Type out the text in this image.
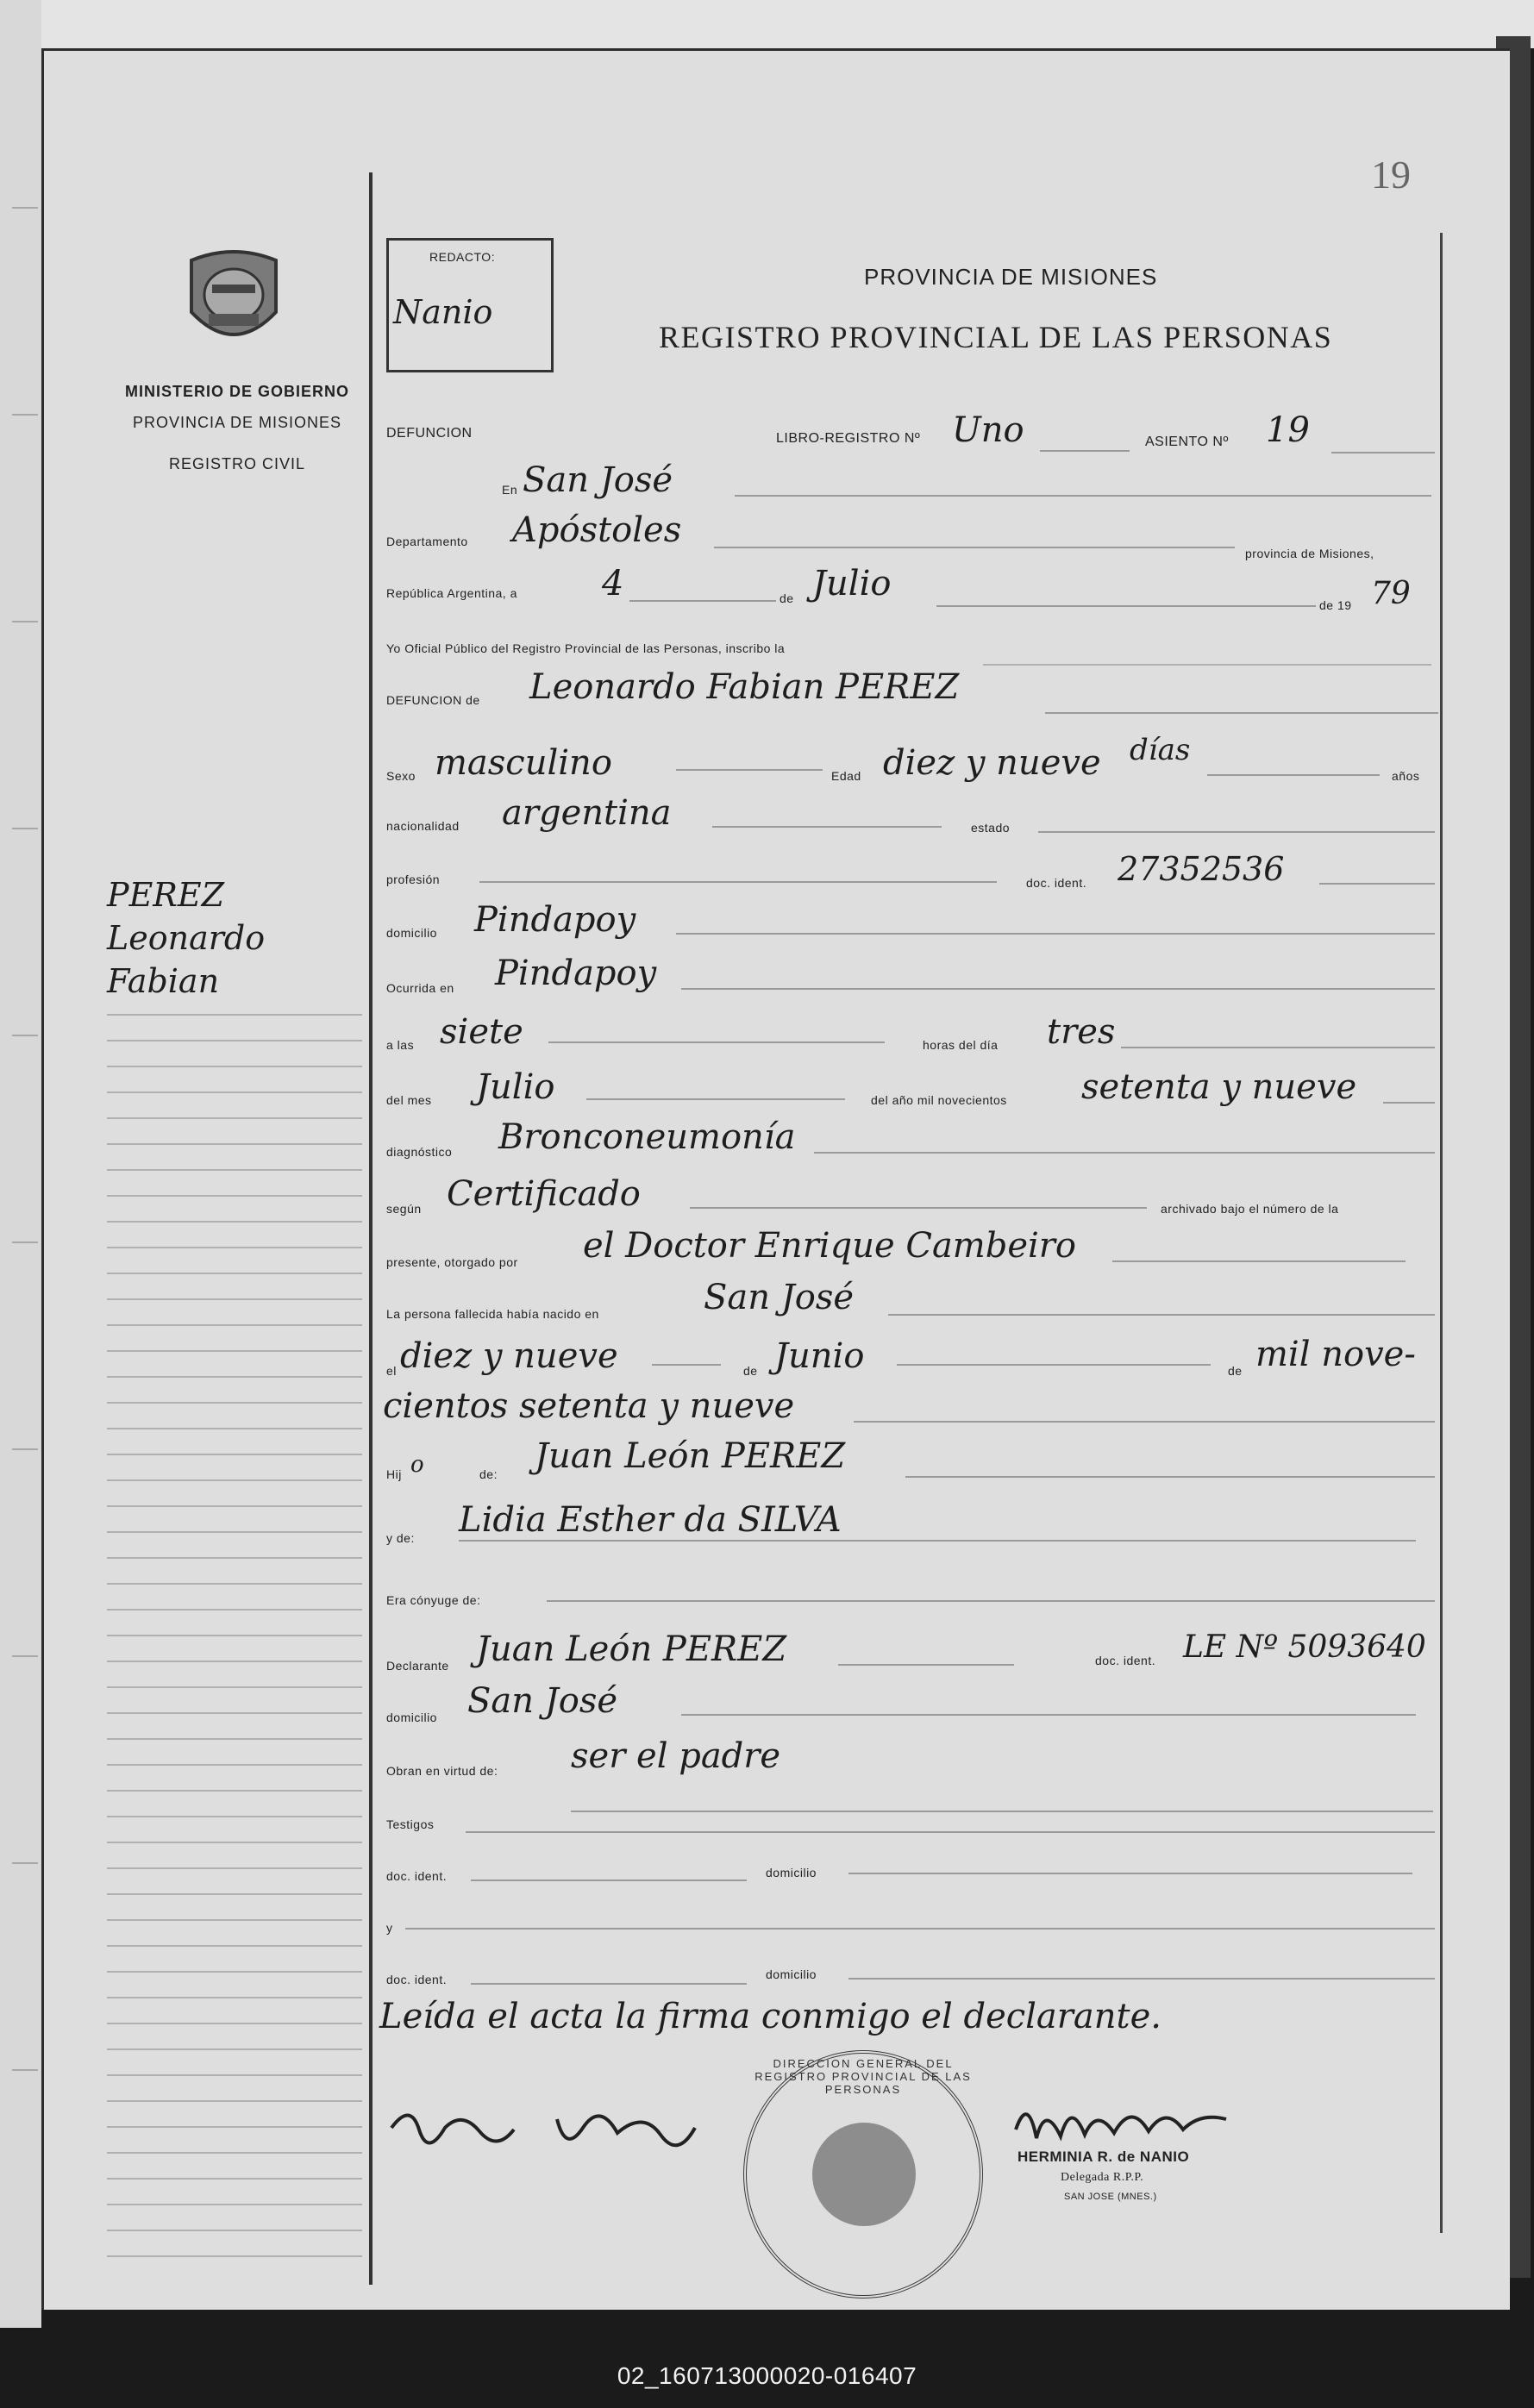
19
MINISTERIO DE GOBIERNO
PROVINCIA DE MISIONES
REGISTRO CIVIL
PEREZ
Leonardo
Fabian
REDACTO:
Nanio
PROVINCIA DE MISIONES
REGISTRO PROVINCIAL DE LAS PERSONAS
DEFUNCION	LIBRO-REGISTRO Nº Uno	ASIENTO Nº 19
En San José
Departamento Apóstoles
provincia de Misiones,
República Argentina, a 4	de Julio
de 19 79
Yo Oficial Público del Registro Provincial de las Personas, inscribo la
DEFUNCION de Leonardo Fabian PEREZ
Sexo masculino	Edad diez y nueve días
años
nacionalidad argentina	estado
profesión	doc. ident. 27352536
domicilio Pindapoy
Ocurrida en Pindapoy
a las siete	horas del día tres
del mes Julio	del año mil novecientos setenta y nueve
diagnóstico Bronconeumonía
según Certificado	archivado bajo el número de la
presente, otorgado por el Doctor Enrique Cambeiro
La persona fallecida había nacido en	San José
el diez y nueve	de Junio	de mil nove-
cientos setenta y nueve
Hij o	de: Juan León PEREZ
y de: Lidia Esther da SILVA
Era cónyuge de:
Declarante Juan León PEREZ	doc. ident. LE Nº 5093640
domicilio San José
Obran en virtud de: ser el padre
Testigos
doc. ident.	domicilio
y
doc. ident.	domicilio
Leída el acta la firma conmigo el declarante.
HERMINIA R. de NANIO
Delegada R.P.P.
SAN JOSE (MNES.)
DIRECCION GENERAL DEL REGISTRO PROVINCIAL DE LAS PERSONAS
02_160713000020-016407
